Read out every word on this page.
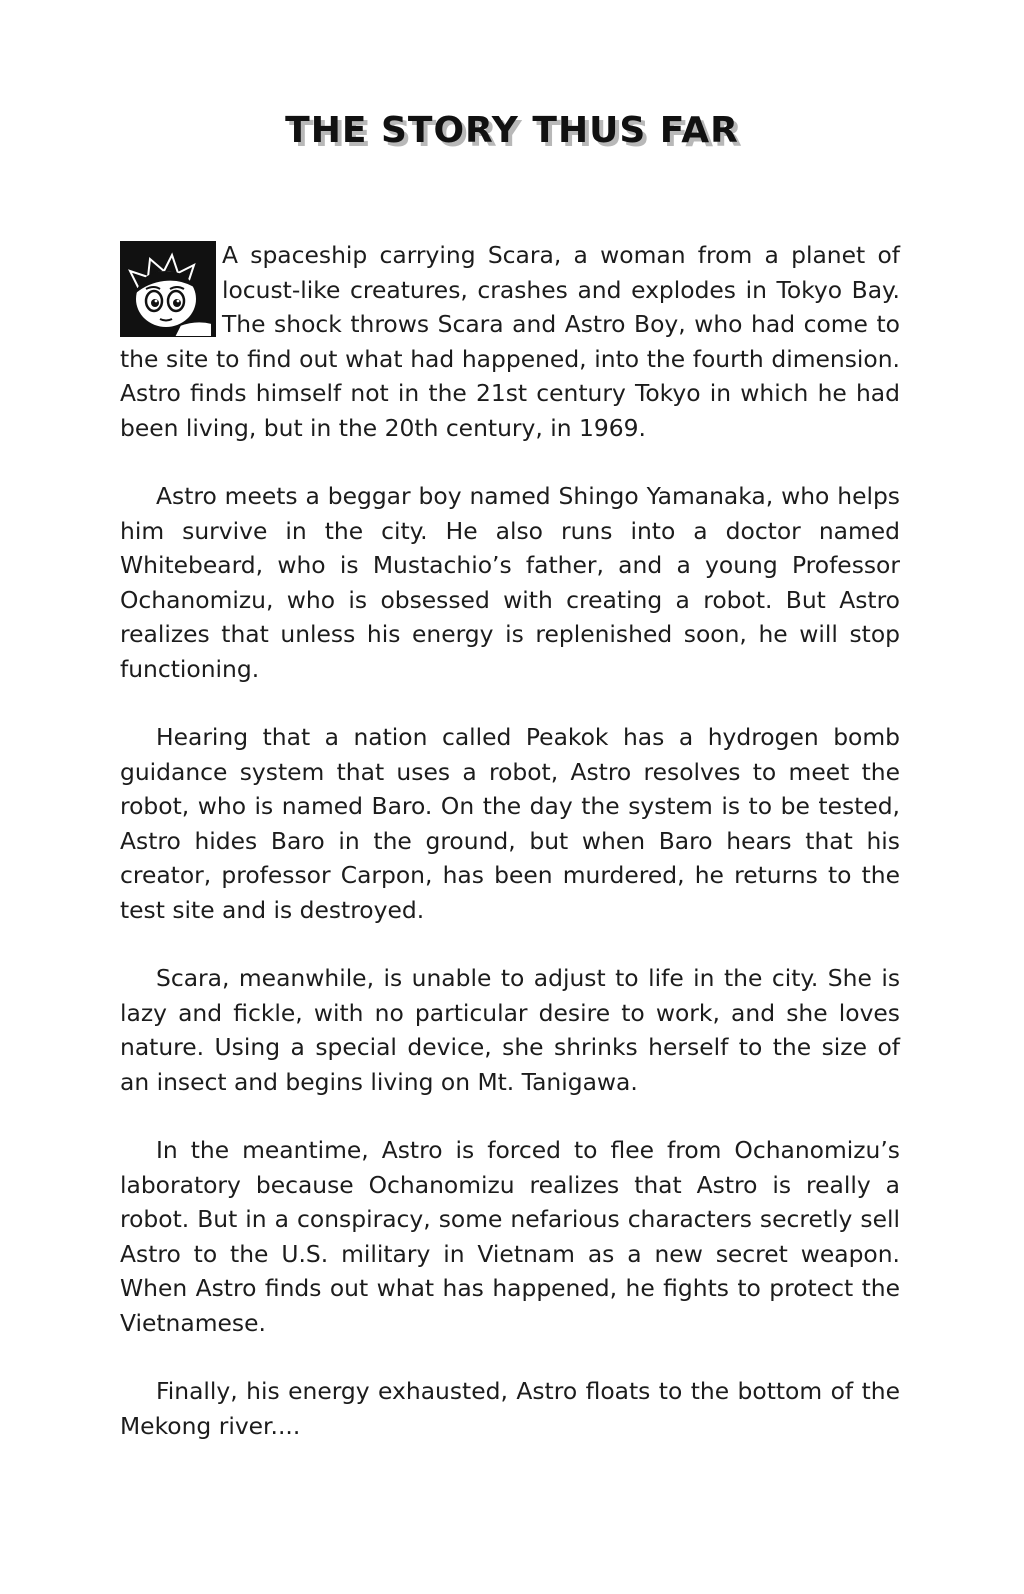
THE STORY THUS FAR

A spaceship carrying Scara, a woman from a planet of locust-like creatures, crashes and explodes in Tokyo Bay. The shock throws Scara and Astro Boy, who had come to the site to find out what had happened, into the fourth dimension. Astro finds himself not in the 21st century Tokyo in which he had been living, but in the 20th century, in 1969.

Astro meets a beggar boy named Shingo Yamanaka, who helps him survive in the city. He also runs into a doctor named Whitebeard, who is Mustachio’s father, and a young Professor Ochanomizu, who is obsessed with creating a robot. But Astro realizes that unless his energy is replenished soon, he will stop functioning.

Hearing that a nation called Peakok has a hydrogen bomb guidance system that uses a robot, Astro resolves to meet the robot, who is named Baro. On the day the system is to be tested, Astro hides Baro in the ground, but when Baro hears that his creator, professor Carpon, has been murdered, he returns to the test site and is destroyed.

Scara, meanwhile, is unable to adjust to life in the city. She is lazy and fickle, with no particular desire to work, and she loves nature. Using a special device, she shrinks herself to the size of an insect and begins living on Mt. Tanigawa.

In the meantime, Astro is forced to flee from Ochanomizu’s laboratory because Ochanomizu realizes that Astro is really a robot. But in a conspiracy, some nefarious characters secretly sell Astro to the U.S. military in Vietnam as a new secret weapon. When Astro finds out what has happened, he fights to protect the Vietnamese.

Finally, his energy exhausted, Astro floats to the bottom of the Mekong river....
